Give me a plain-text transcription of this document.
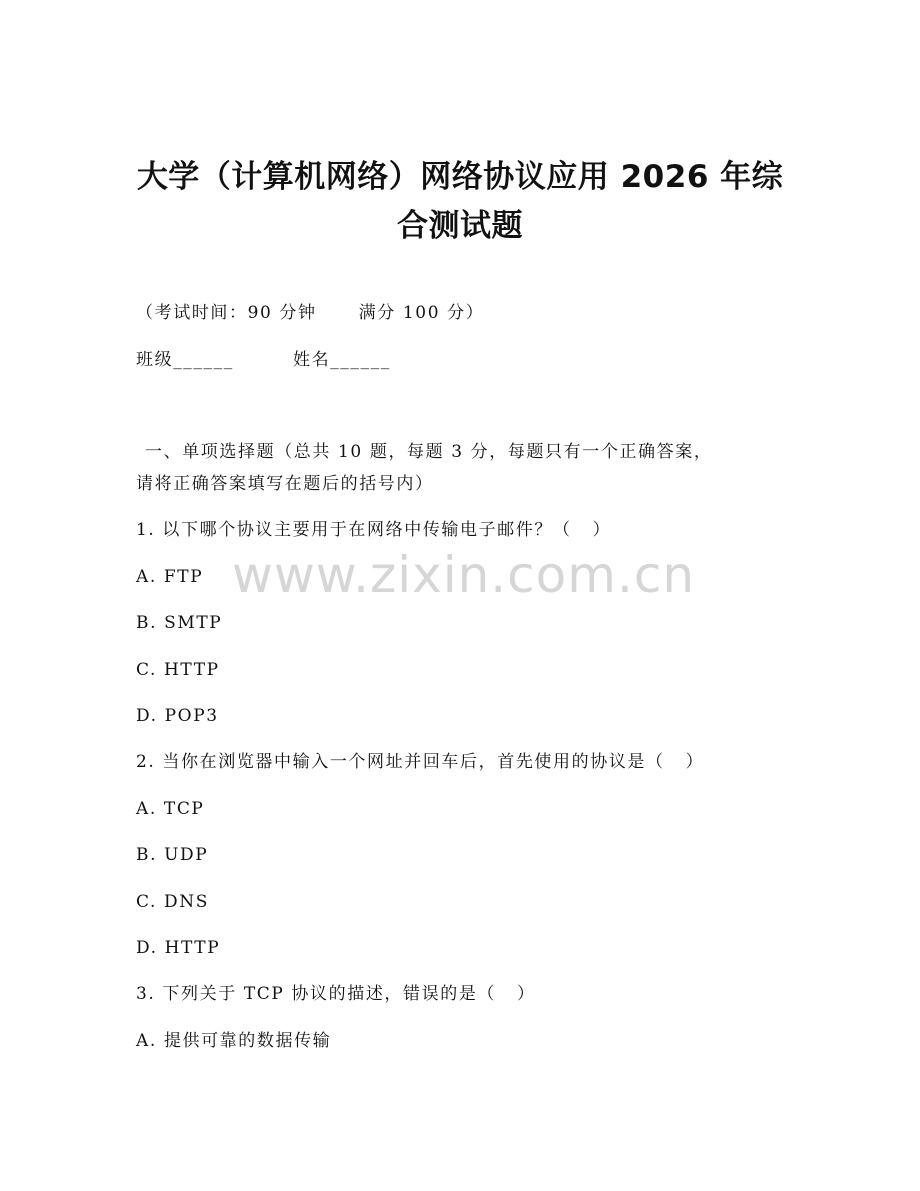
大学（计算机网络）网络协议应用 2026 年综
合测试题
（考试时间：90 分钟      满分 100 分）
班级______	姓名______
一、单项选择题（总共 10 题，每题 3 分，每题只有一个正确答案，
请将正确答案填写在题后的括号内）
1. 以下哪个协议主要用于在网络中传输电子邮件？（   ）
A. FTP
B. SMTP
C. HTTP
D. POP3
2. 当你在浏览器中输入一个网址并回车后，首先使用的协议是（   ）
A. TCP
B. UDP
C. DNS
D. HTTP
3. 下列关于 TCP 协议的描述，错误的是（   ）
A. 提供可靠的数据传输
www.zixin.com.cn
